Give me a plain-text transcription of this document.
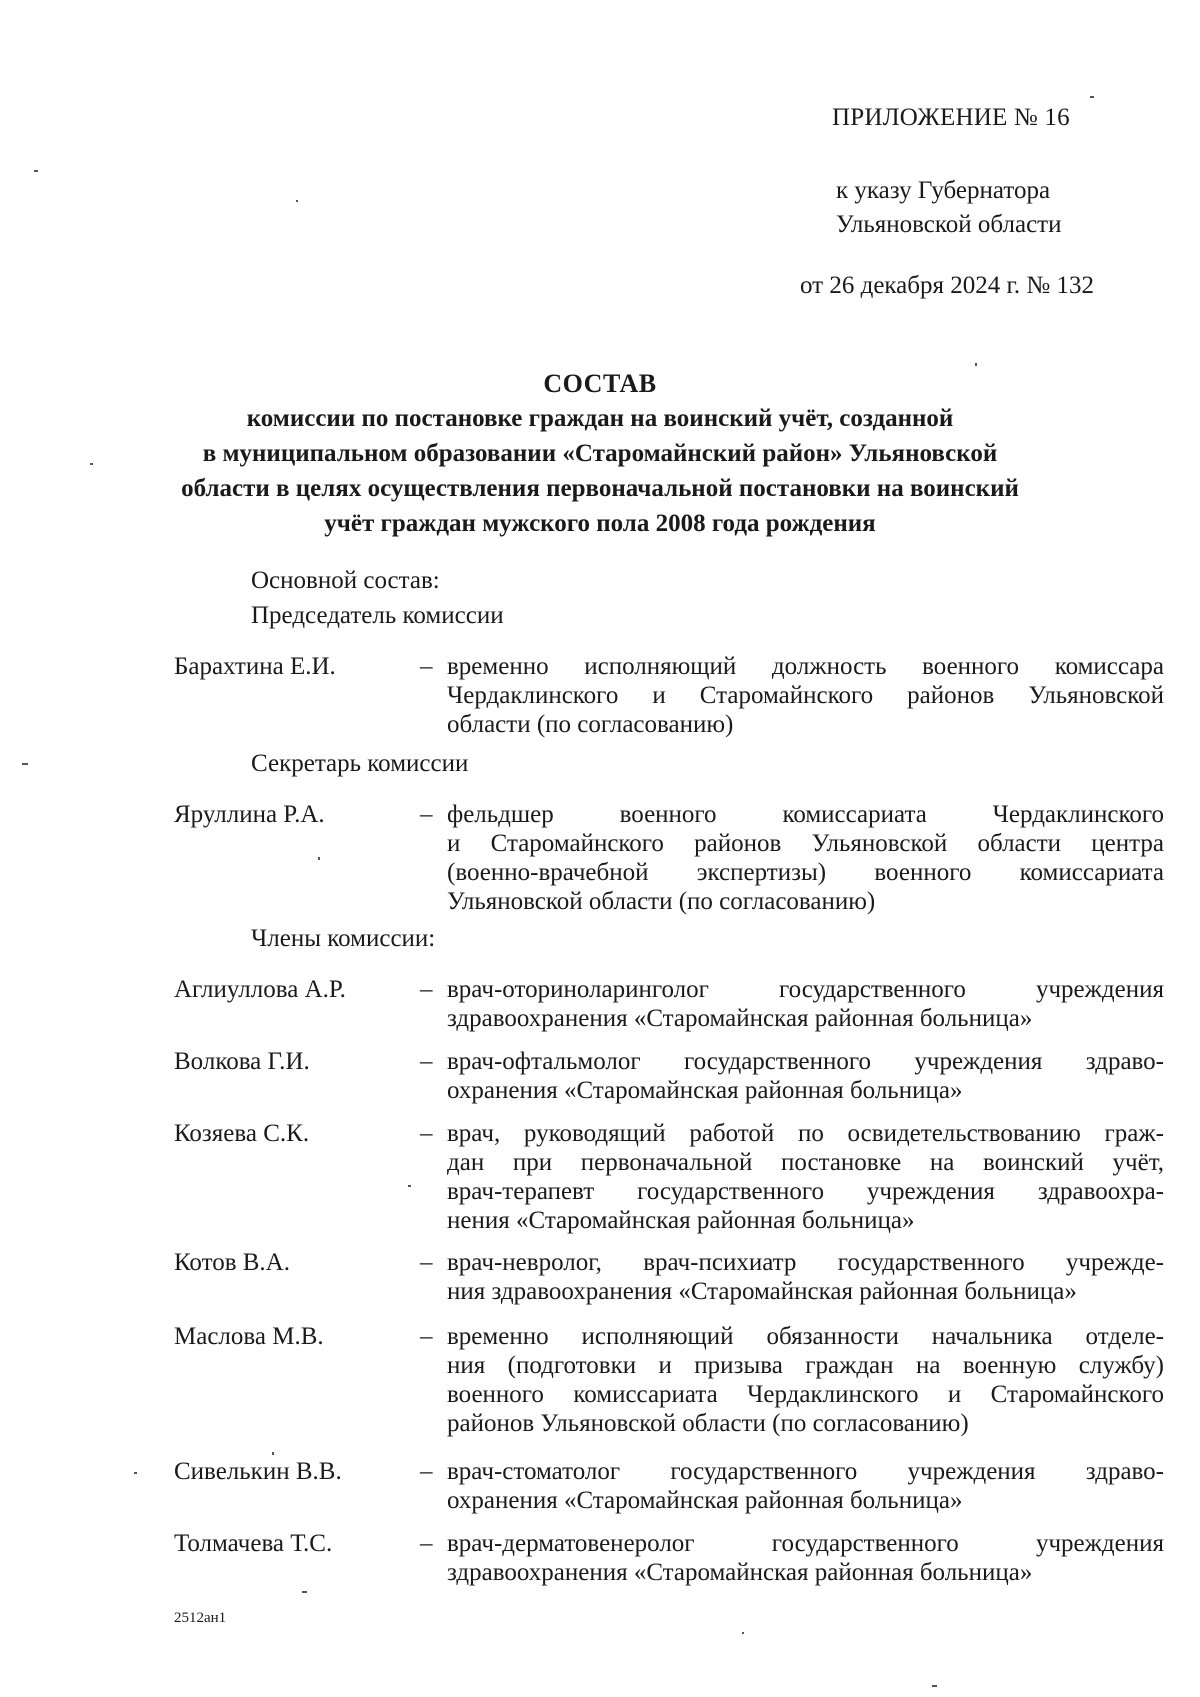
ПРИЛОЖЕНИЕ № 16
к указу Губернатора
Ульяновской области
от 26 декабря 2024 г. № 132
СОСТАВ
комиссии по постановке граждан на воинский учёт, созданной
в муниципальном образовании «Старомайнский район» Ульяновской
области в целях осуществления первоначальной постановки на воинский
учёт граждан мужского пола 2008 года рождения
Основной состав:
Председатель комиссии
Барахтина Е.И.	– временно исполняющий должность военного комиссара
Чердаклинского и Старомайнского районов Ульяновской
области (по согласованию)
Секретарь комиссии
Яруллина Р.А.	– фельдшер военного комиссариата Чердаклинского
и Старомайнского районов Ульяновской области центра
(военно-врачебной экспертизы) военного комиссариата
Ульяновской области (по согласованию)
Члены комиссии:
Аглиуллова А.Р.	– врач-оториноларинголог государственного учреждения
здравоохранения «Старомайнская районная больница»
Волкова Г.И.	– врач-офтальмолог государственного учреждения здраво-
охранения «Старомайнская районная больница»
Козяева С.К.	– врач, руководящий работой по освидетельствованию граж-
дан при первоначальной постановке на воинский учёт,
врач-терапевт государственного учреждения здравоохра-
нения «Старомайнская районная больница»
Котов В.А.	– врач-невролог, врач-психиатр государственного учрежде-
ния здравоохранения «Старомайнская районная больница»
Маслова М.В.	– временно исполняющий обязанности начальника отделе-
ния (подготовки и призыва граждан на военную службу)
военного комиссариата Чердаклинского и Старомайнского
районов Ульяновской области (по согласованию)
Сивелькин В.В.	– врач-стоматолог государственного учреждения здраво-
охранения «Старомайнская районная больница»
Толмачева Т.С.	– врач-дерматовенеролог государственного учреждения
здравоохранения «Старомайнская районная больница»
2512ан1
